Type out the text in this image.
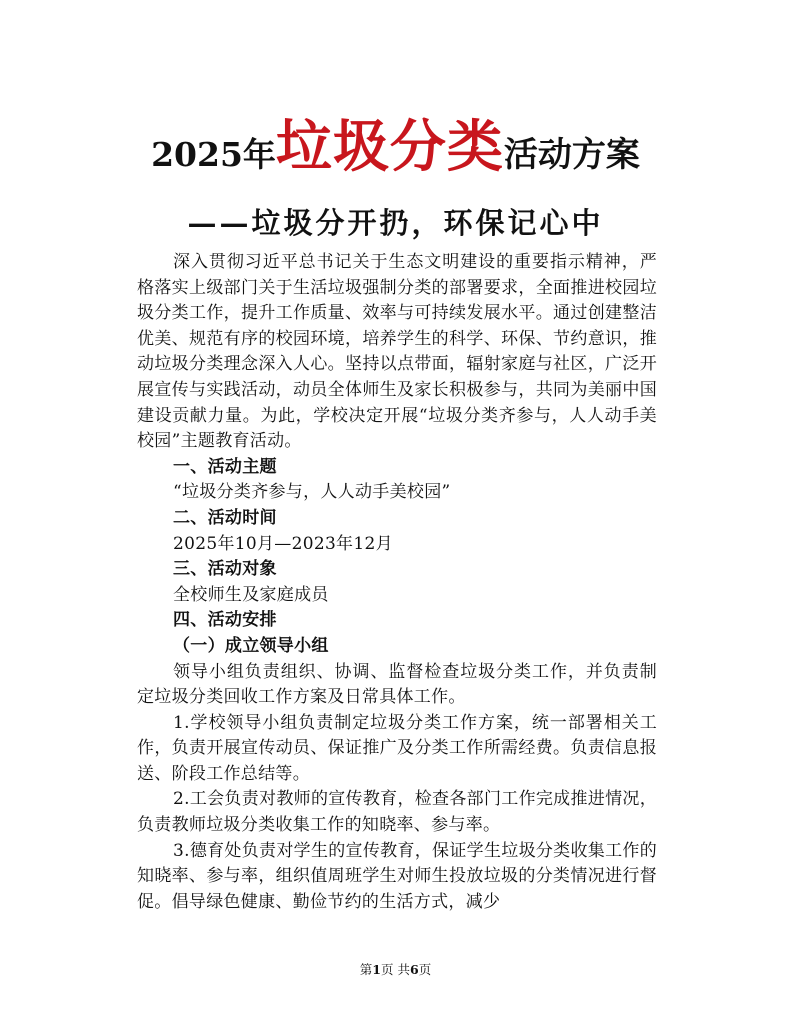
2025年垃圾分类活动方案
——垃圾分开扔，环保记心中

深入贯彻习近平总书记关于生态文明建设的重要指示精神，严格落实上级部门关于生活垃圾强制分类的部署要求，全面推进校园垃圾分类工作，提升工作质量、效率与可持续发展水平。通过创建整洁优美、规范有序的校园环境，培养学生的科学、环保、节约意识，推动垃圾分类理念深入人心。坚持以点带面，辐射家庭与社区，广泛开展宣传与实践活动，动员全体师生及家长积极参与，共同为美丽中国建设贡献力量。为此，学校决定开展“垃圾分类齐参与，人人动手美校园”主题教育活动。

一、活动主题

“垃圾分类齐参与，人人动手美校园”

二、活动时间

2025年10月—2023年12月

三、活动对象

全校师生及家庭成员

四、活动安排

（一）成立领导小组

领导小组负责组织、协调、监督检查垃圾分类工作，并负责制定垃圾分类回收工作方案及日常具体工作。

1.学校领导小组负责制定垃圾分类工作方案，统一部署相关工作，负责开展宣传动员、保证推广及分类工作所需经费。负责信息报送、阶段工作总结等。

2.工会负责对教师的宣传教育，检查各部门工作完成推进情况，负责教师垃圾分类收集工作的知晓率、参与率。

3.德育处负责对学生的宣传教育，保证学生垃圾分类收集工作的知晓率、参与率，组织值周班学生对师生投放垃圾的分类情况进行督促。倡导绿色健康、勤俭节约的生活方式，减少

第1页 共6页
